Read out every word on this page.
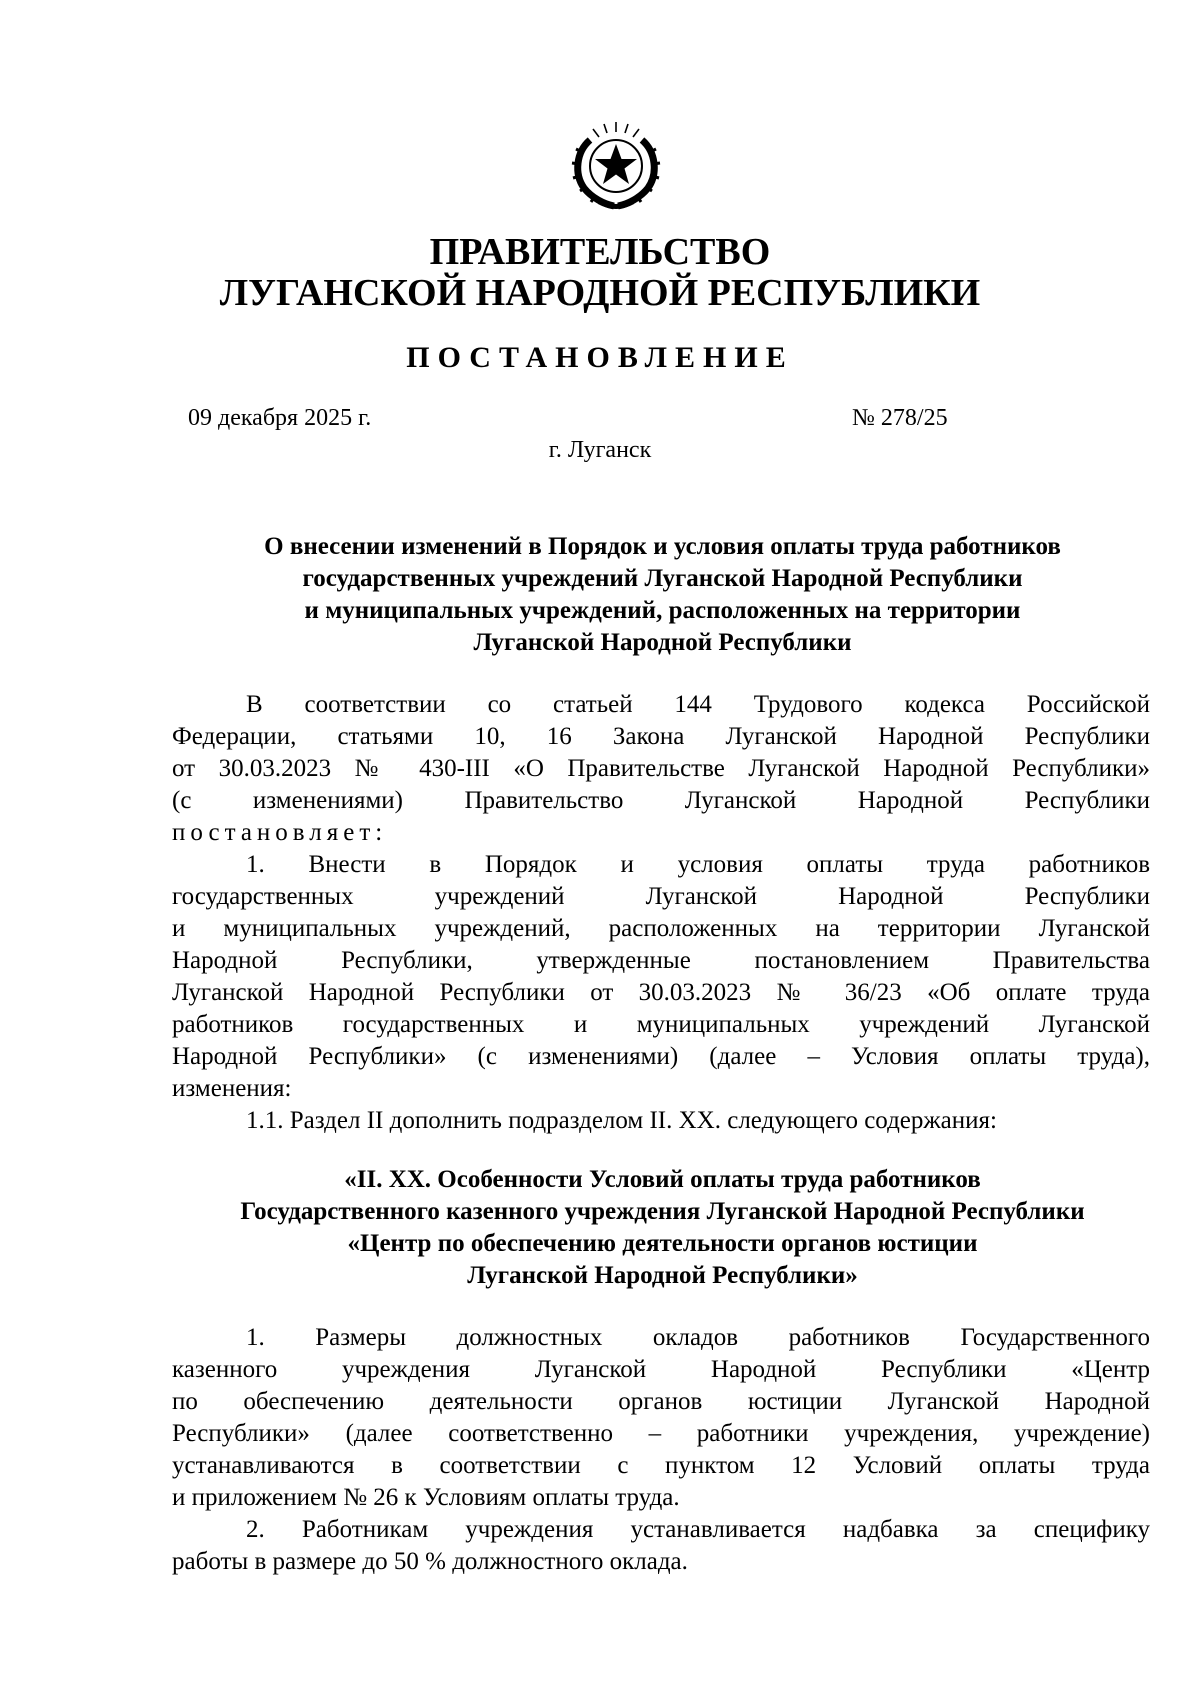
ПРАВИТЕЛЬСТВО
ЛУГАНСКОЙ НАРОДНОЙ РЕСПУБЛИКИ
ПОСТАНОВЛЕНИЕ
09 декабря 2025 г.	№ 278/25
г. Луганск
О внесении изменений в Порядок и условия оплаты труда работников
государственных учреждений Луганской Народной Республики
и муниципальных учреждений, расположенных на территории
Луганской Народной Республики
В соответствии со статьей 144 Трудового кодекса Российской
Федерации, статьями 10, 16 Закона Луганской Народной Республики
от 30.03.2023 № 430-III «О Правительстве Луганской Народной Республики»
(с изменениями) Правительство Луганской Народной Республики
постановляет:
1. Внести в Порядок и условия оплаты труда работников
государственных учреждений Луганской Народной Республики
и муниципальных учреждений, расположенных на территории Луганской
Народной Республики, утвержденные постановлением Правительства
Луганской Народной Республики от 30.03.2023 № 36/23 «Об оплате труда
работников государственных и муниципальных учреждений Луганской
Народной Республики» (с изменениями) (далее – Условия оплаты труда),
изменения:
1.1. Раздел II дополнить подразделом II. XX. следующего содержания:
«II. XX. Особенности Условий оплаты труда работников
Государственного казенного учреждения Луганской Народной Республики
«Центр по обеспечению деятельности органов юстиции
Луганской Народной Республики»
1. Размеры должностных окладов работников Государственного
казенного учреждения Луганской Народной Республики «Центр
по обеспечению деятельности органов юстиции Луганской Народной
Республики» (далее соответственно – работники учреждения, учреждение)
устанавливаются в соответствии с пунктом 12 Условий оплаты труда
и приложением № 26 к Условиям оплаты труда.
2. Работникам учреждения устанавливается надбавка за специфику
работы в размере до 50 % должностного оклада.
